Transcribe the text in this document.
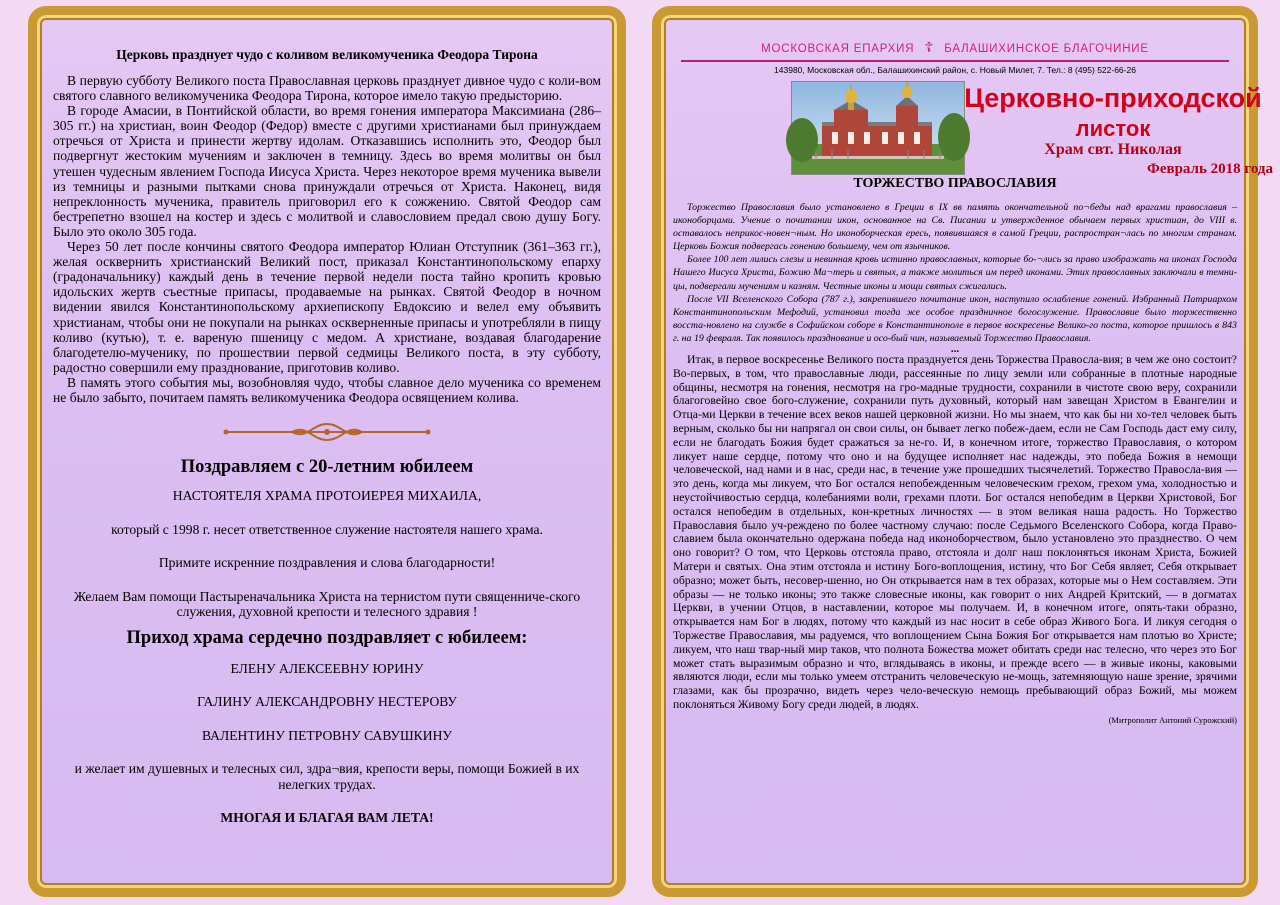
Церковь празднует чудо с коливом великомученика Феодора Тирона

В первую субботу Великого поста Православная церковь празднует дивное чудо с коли-вом святого славного великомученика Феодора Тирона, которое имело такую предысторию.

В городе Амасии, в Понтийской области, во время гонения императора Максимиана (286–305 гг.) на христиан, воин Феодор (Федор) вместе с другими христианами был принуждаем отречься от Христа и принести жертву идолам. Отказавшись исполнить это, Феодор был подвергнут жестоким мучениям и заключен в темницу. Здесь во время молитвы он был утешен чудесным явлением Господа Иисуса Христа. Через некоторое время мученика вывели из темницы и разными пытками снова принуждали отречься от Христа. Наконец, видя непреклонность мученика, правитель приговорил его к сожжению. Святой Феодор сам бестрепетно взошел на костер и здесь с молитвой и славословием предал свою душу Богу. Было это около 305 года.

Через 50 лет после кончины святого Феодора император Юлиан Отступник (361–363 гг.), желая осквернить христианский Великий пост, приказал Константинопольскому епарху (градоначальнику) каждый день в течение первой недели поста тайно кропить кровью идольских жертв съестные припасы, продаваемые на рынках. Святой Феодор в ночном видении явился Константинопольскому архиепископу Евдоксию и велел ему объявить христианам, чтобы они не покупали на рынках оскверненные припасы и употребляли в пищу коливо (кутью), т. е. вареную пшеницу с медом. А христиане, воздавая благодарение благодетелю-мученику, по прошествии первой седмицы Великого поста, в эту субботу, радостно совершили ему празднование, приготовив коливо.

В память этого события мы, возобновляя чудо, чтобы славное дело мученика со временем не было забыто, почитаем память великомученика Феодора освящением колива.

Поздравляем с 20-летним юбилеем

НАСТОЯТЕЛЯ ХРАМА ПРОТОИЕРЕЯ МИХАИЛА,

который с 1998 г. несет ответственное служение настоятеля нашего храма.

Примите искренние поздравления и слова благодарности!

Желаем Вам помощи Пастыреначальника Христа на тернистом пути священниче-ского служения, духовной крепости и телесного здравия !

Приход храма сердечно поздравляет с юбилеем:

ЕЛЕНУ АЛЕКСЕЕВНУ ЮРИНУ

ГАЛИНУ АЛЕКСАНДРОВНУ НЕСТЕРОВУ

ВАЛЕНТИНУ ПЕТРОВНУ САВУШКИНУ

и желает им душевных и телесных сил, здра¬вия, крепости веры, помощи Божией в их нелегких трудах.

МНОГАЯ И БЛАГАЯ ВАМ ЛЕТА!

МОСКОВСКАЯ ЕПАРХИЯ ☦ БАЛАШИХИНСКОЕ БЛАГОЧИНИЕ
143980, Московская обл., Балашихинский район, с. Новый Милет, 7. Тел.: 8 (495) 522-66-26
Церковно-приходской
листок
Храм свт. Николая
Февраль 2018 года
ТОРЖЕСТВО ПРАВОСЛАВИЯ

Торжество Православия было установлено в Греции в IX вв память окончательной по¬беды над врагами православия – иконоборцами. Учение о почитании икон, основанное на Св. Писании и утвержденное обычаем первых христиан, до VIII в. оставалось неприкос-новен¬ным. Но иконоборческая ересь, появившаяся в самой Греции, распростран¬лась по многим странам. Церковь Божия подвергась гонению большему, чем от язычников.

Более 100 лет лились слезы и невинная кровь истинно православных, которые бо-¬лись за право изображать на иконах Господа Нашего Иисуса Христа, Божию Ма¬терь и святых, а также молиться им перед иконами. Этих православных заключали в темни-цы, подвергали мучениям и казням. Честные иконы и мощи святых сжигались.

После VII Вселенского Собора (787 г.), закрепившего почитание икон, наступило ослабление гонений. Избранный Патриархом Константинопольским Мефодий, установил тогда же особое праздничное богослужение. Православие было торжественно восста-новлено на службе в Софийском соборе в Константинополе в первое воскресенье Велико-го поста, которое пришлось в 843 г. на 19 февраля. Так появилось празднование и осо-бый чин, называемый Торжество Православия.

...

Итак, в первое воскресенье Великого поста празднуется день Торжества Правосла-вия; в чем же оно состоит? Во-первых, в том, что православные люди, рассеянные по лицу земли или собранные в плотные народные общины, несмотря на гонения, несмотря на гро-мадные трудности, сохранили в чистоте свою веру, сохранили благоговейно свое бого-служение, сохранили путь духовный, который нам завещан Христом в Евангелии и Отца-ми Церкви в течение всех веков нашей церковной жизни. Но мы знаем, что как бы ни хо-тел человек быть верным, сколько бы ни напрягал он свои силы, он бывает легко побеж-даем, если не Сам Господь даст ему силу, если не благодать Божия будет сражаться за не-го. И, в конечном итоге, торжество Православия, о котором ликует наше сердце, потому что оно и на будущее исполняет нас надежды, это победа Божия в немощи человеческой, над нами и в нас, среди нас, в течение уже прошедших тысячелетий. Торжество Правосла-вия — это день, когда мы ликуем, что Бог остался непобежденным человеческим грехом, грехом ума, холодностью и неустойчивостью сердца, колебаниями воли, грехами плоти. Бог остался непобедим в Церкви Христовой, Бог остался непобедим в отдельных, кон-кретных личностях — в этом великая наша радость. Но Торжество Православия было уч-реждено по более частному случаю: после Седьмого Вселенского Собора, когда Право-славием была окончательно одержана победа над иконоборчеством, было установлено это празднество. О чем оно говорит? О том, что Церковь отстояла право, отстояла и долг наш поклоняться иконам Христа, Божией Матери и святых. Она этим отстояла и истину Бого-воплощения, истину, что Бог Себя являет, Себя открывает образно; может быть, несовер-шенно, но Он открывается нам в тех образах, которые мы о Нем составляем. Эти образы — не только иконы; это также словесные иконы, как говорит о них Андрей Критский, — в догматах Церкви, в учении Отцов, в наставлении, которое мы получаем. И, в конечном итоге, опять-таки образно, открывается нам Бог в людях, потому что каждый из нас носит в себе образ Живого Бога. И ликуя сегодня о Торжестве Православия, мы радуемся, что воплощением Сына Божия Бог открывается нам плотью во Христе; ликуем, что наш твар-ный мир таков, что полнота Божества может обитать среди нас телесно, что через это Бог может стать выразимым образно и что, вглядываясь в иконы, и прежде всего — в живые иконы, каковыми являются люди, если мы только умеем отстранить человеческую не-мощь, затемняющую наше зрение, зрячими глазами, как бы прозрачно, видеть через чело-веческую немощь пребывающий образ Божий, мы можем поклоняться Живому Богу среди людей, в людях.

(Митрополит Антоний Сурожский)
